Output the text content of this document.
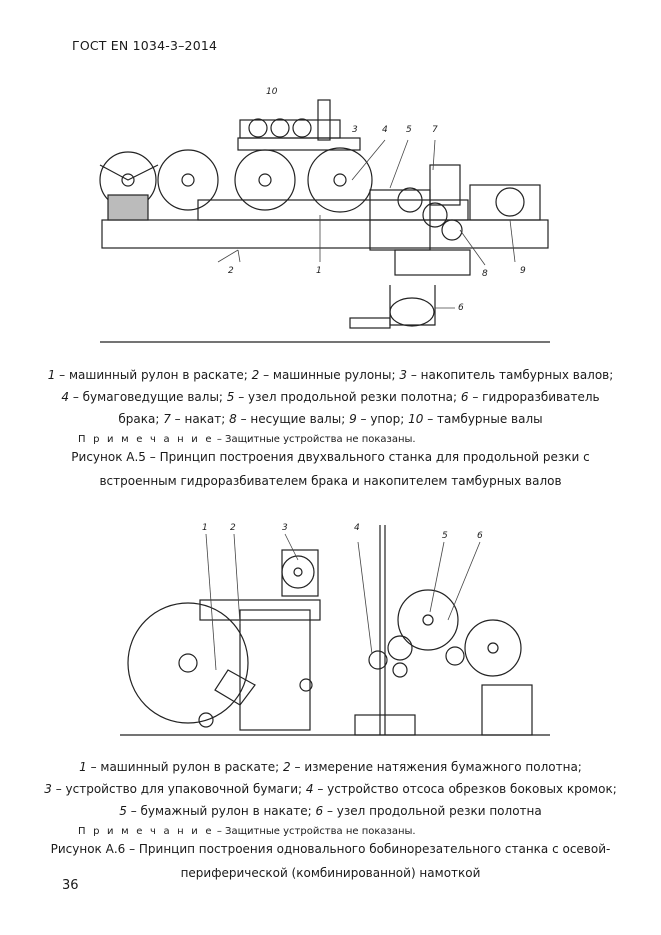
ГОСТ EN 1034-3–2014
10
3	4 5 7
2	1	8	9
6
1 – машинный рулон в раскате; 2 – машинные рулоны; 3 – накопитель тамбурных валов;
4 – бумаговедущие валы; 5 – узел продольной резки полотна; 6 – гидроразбиватель
брака; 7 – накат; 8 – несущие валы; 9 – упор; 10 – тамбурные валы
П р и м е ч а н и е – Защитные устройства не показаны.
Рисунок А.5 – Принцип построения двухвального станка для продольной резки с
встроенным гидроразбивателем брака и накопителем тамбурных валов
1 2	3	4
5	6
1 – машинный рулон в раскате; 2 – измерение натяжения бумажного полотна;
3 – устройство для упаковочной бумаги; 4 – устройство отсоса обрезков боковых кромок;
5 – бумажный рулон в накате; 6 – узел продольной резки полотна
П р и м е ч а н и е – Защитные устройства не показаны.
Рисунок А.6 – Принцип построения одновального бобинорезательного станка с осевой-
периферической (комбинированной) намоткой
36
